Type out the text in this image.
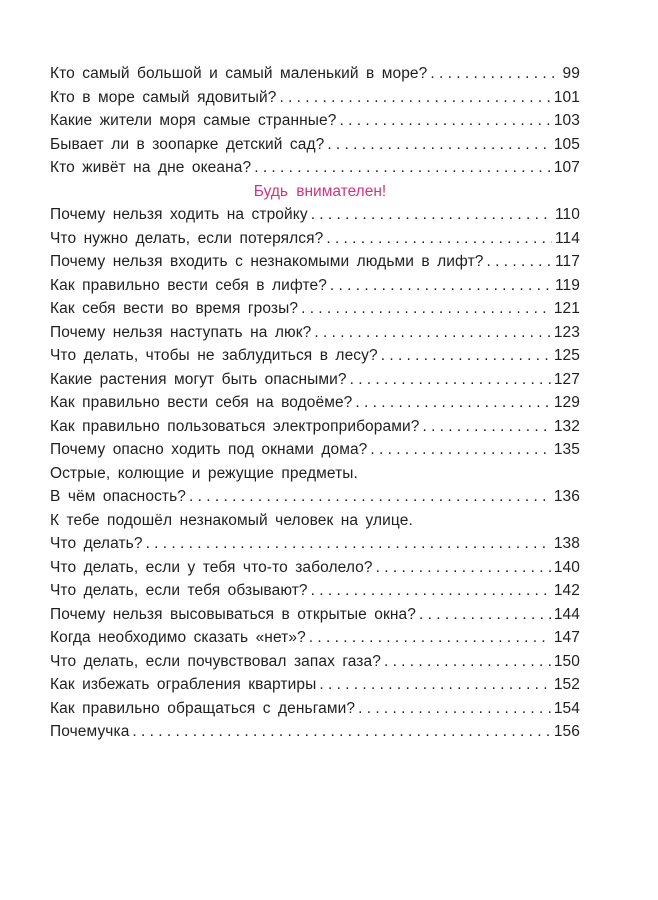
Кто самый большой и самый маленький в море? . . .	99
Кто в море самый ядовитый? . . .	101
Какие жители моря самые странные? . . .	103
Бывает ли в зоопарке детский сад? . . .	105
Кто живёт на дне океана? . . .	107
Будь внимателен!
Почему нельзя ходить на стройку . . .	110
Что нужно делать, если потерялся? . . .	114
Почему нельзя входить с незнакомыми людьми в лифт? . . .	117
Как правильно вести себя в лифте? . . .	119
Как себя вести во время грозы? . . .	121
Почему нельзя наступать на люк? . . .	123
Что делать, чтобы не заблудиться в лесу? . . .	125
Какие растения могут быть опасными? . . .	127
Как правильно вести себя на водоёме? . . .	129
Как правильно пользоваться электроприборами? . . .	132
Почему опасно ходить под окнами дома? . . .	135
Острые, колющие и режущие предметы.
В чём опасность? . . .	136
К тебе подошёл незнакомый человек на улице.
Что делать? . . .	138
Что делать, если у тебя что-то заболело? . . .	140
Что делать, если тебя обзывают? . . .	142
Почему нельзя высовываться в открытые окна? . . .	144
Когда необходимо сказать «нет»? . . .	147
Что делать, если почувствовал запах газа? . . .	150
Как избежать ограбления квартиры . . .	152
Как правильно обращаться с деньгами? . . .	154
Почемучка . . .	156
